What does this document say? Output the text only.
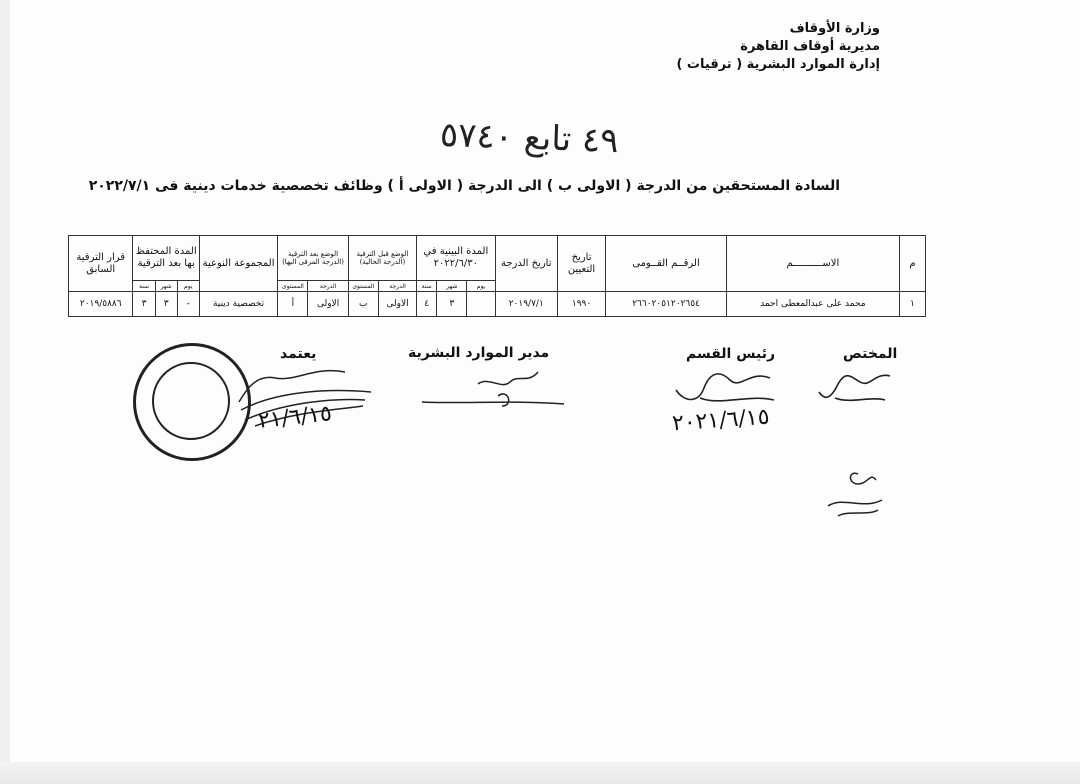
وزارة الأوقاف
مديرية أوقاف القاهرة
إدارة الموارد البشرية ( ترقيات )
٤٩ تابع ٥٧٤٠
السادة المستحقين من الدرجة ( الاولى ب ) الى الدرجة ( الاولى أ ) وظائف تخصصية خدمات دينية فى ٢٠٢٢/٧/١
م	الاســــــــــم	الرقــم القــومى	تاريخ التعيين	تاريخ الدرجة	المدة البينية في ٢٠٢٢/٦/٣٠			الوضع قبل الترقية (الدرجة الحالية)		الوضع بعد الترقية (الدرجة المرقى اليها)		المجموعة النوعية	المدة المحتفظ بها بعد الترقية			قرار الترقية السابق
					يوم	شهر	سنة	الدرجة	المستوى	الدرجة	المستوى		يوم	شهر	سنة	
١	محمد على عبدالمعطى احمد	٢٦٦٠٢٠٥١٢٠٢٦٥٤	١٩٩٠	٢٠١٩/٧/١		٣	٤	الاولى	ب	الاولى	أ	تخصصية دينية	-	٣	٣	٢٠١٩/٥٨٨٦
المختص
رئيس القسم
مدير الموارد البشرية
يعتمد
٢٠٢١/٦/١٥
٢١/٦/١٥
